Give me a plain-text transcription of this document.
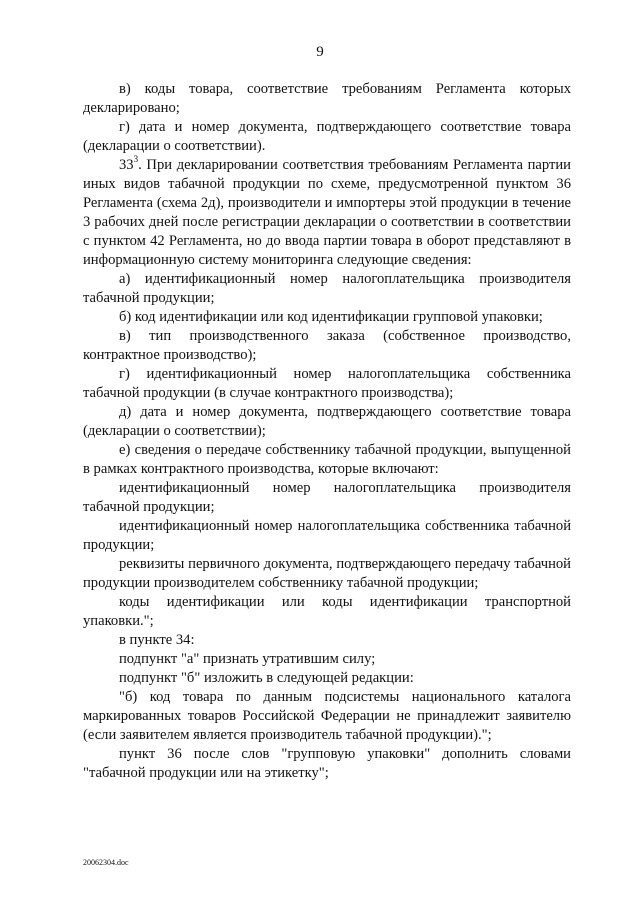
9

в) коды товара, соответствие требованиям Регламента которых декларировано;

г) дата и номер документа, подтверждающего соответствие товара (декларации о соответствии).

$33^3$. При декларировании соответствия требованиям Регламента партии иных видов табачной продукции по схеме, предусмотренной пунктом 36 Регламента (схема 2д), производители и импортеры этой продукции в течение 3 рабочих дней после регистрации декларации о соответствии в соответствии с пунктом 42 Регламента, но до ввода партии товара в оборот представляют в информационную систему мониторинга следующие сведения:

а) идентификационный номер налогоплательщика производителя табачной продукции;

б) код идентификации или код идентификации групповой упаковки;

в) тип производственного заказа (собственное производство, контрактное производство);

г) идентификационный номер налогоплательщика собственника табачной продукции (в случае контрактного производства);

д) дата и номер документа, подтверждающего соответствие товара (декларации о соответствии);

е) сведения о передаче собственнику табачной продукции, выпущенной в рамках контрактного производства, которые включают:

идентификационный номер налогоплательщика производителя табачной продукции;

идентификационный номер налогоплательщика собственника табачной продукции;

реквизиты первичного документа, подтверждающего передачу табачной продукции производителем собственнику табачной продукции;

коды идентификации или коды идентификации транспортной упаковки.";

в пункте 34:

подпункт "а" признать утратившим силу;

подпункт "б" изложить в следующей редакции:

"б) код товара по данным подсистемы национального каталога маркированных товаров Российской Федерации не принадлежит заявителю (если заявителем является производитель табачной продукции).";

пункт 36 после слов "групповую упаковки" дополнить словами "табачной продукции или на этикетку";

20062304.doc
